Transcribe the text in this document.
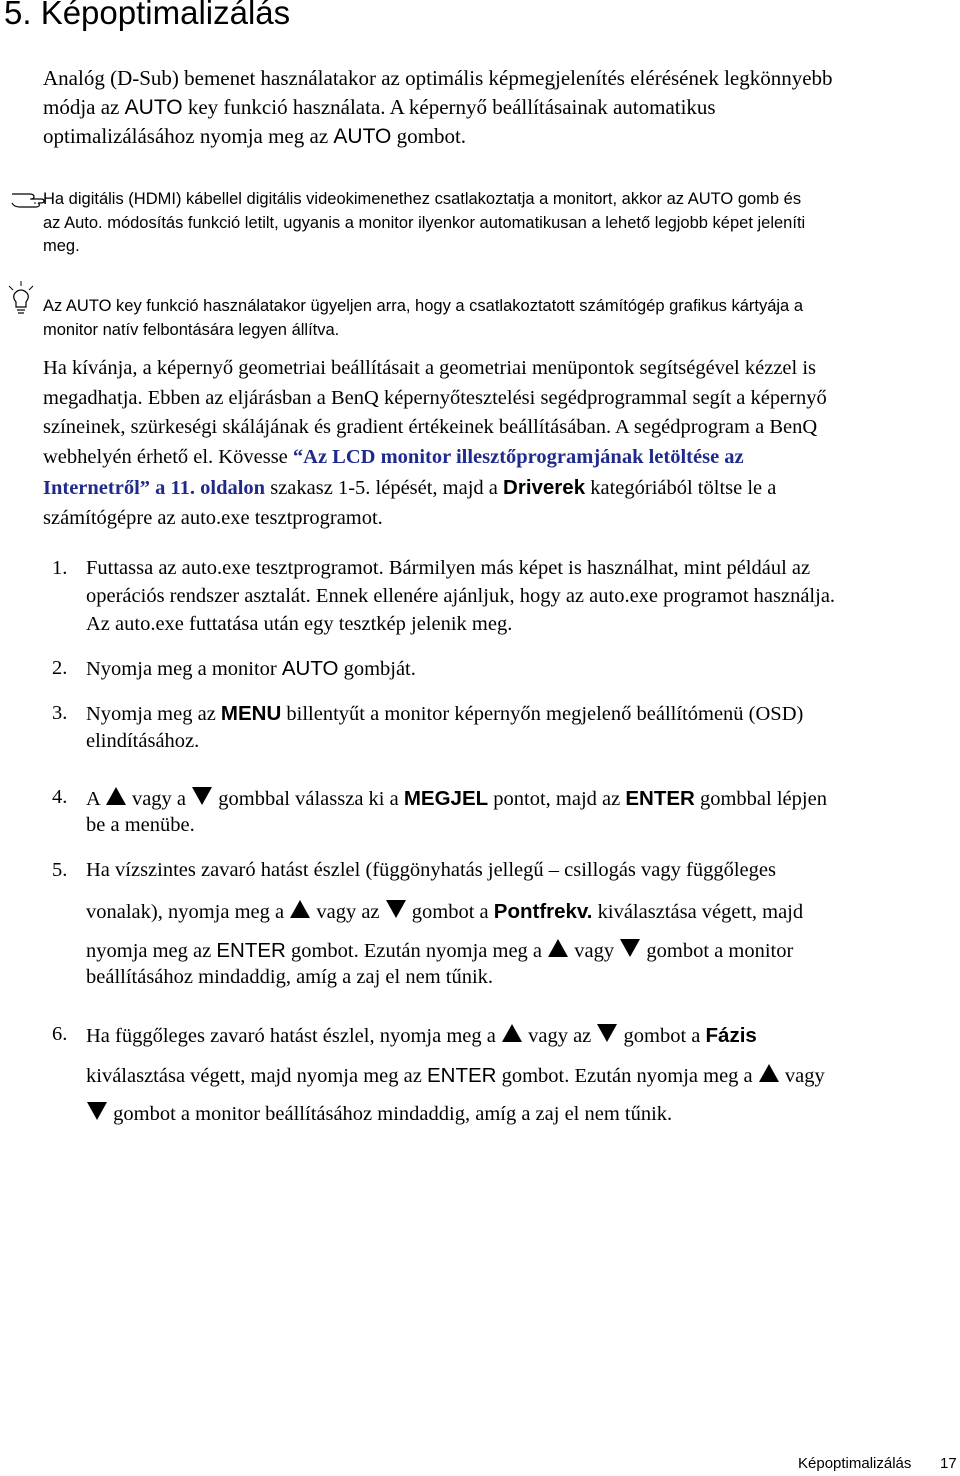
5. Képoptimalizálás
Analóg (D-Sub) bemenet használatakor az optimális képmegjelenítés elérésének legkönnyebb
módja az AUTO key funkció használata. A képernyő beállításainak automatikus
optimalizálásához nyomja meg az AUTO gombot.
Ha digitális (HDMI) kábellel digitális videokimenethez csatlakoztatja a monitort, akkor az AUTO gomb és
az Auto. módosítás funkció letilt, ugyanis a monitor ilyenkor automatikusan a lehető legjobb képet jeleníti
meg.
Az AUTO key funkció használatakor ügyeljen arra, hogy a csatlakoztatott számítógép grafikus kártyája a
monitor natív felbontására legyen állítva.
Ha kívánja, a képernyő geometriai beállításait a geometriai menüpontok segítségével kézzel is
megadhatja. Ebben az eljárásban a BenQ képernyőtesztelési segédprogrammal segít a képernyő
színeinek, szürkeségi skálájának és gradient értékeinek beállításában. A segédprogram a BenQ
webhelyén érhető el. Kövesse “Az LCD monitor illesztőprogramjának letöltése az
Internetről” a 11. oldalon szakasz 1-5. lépését, majd a Driverek kategóriából töltse le a
számítógépre az auto.exe tesztprogramot.
1. Futtassa az auto.exe tesztprogramot. Bármilyen más képet is használhat, mint például az
operációs rendszer asztalát. Ennek ellenére ajánljuk, hogy az auto.exe programot használja.
Az auto.exe futtatása után egy tesztkép jelenik meg.
2. Nyomja meg a monitor AUTO gombját.
3. Nyomja meg az MENU billentyűt a monitor képernyőn megjelenő beállítómenü (OSD)
elindításához.
4. A vagy a gombbal válassza ki a MEGJEL pontot, majd az ENTER gombbal lépjen
be a menübe.
5. Ha vízszintes zavaró hatást észlel (függönyhatás jellegű – csillogás vagy függőleges
vonalak), nyomja meg a vagy az gombot a Pontfrekv. kiválasztása végett, majd
nyomja meg az ENTER gombot. Ezután nyomja meg a vagy gombot a monitor
beállításához mindaddig, amíg a zaj el nem tűnik.
6. Ha függőleges zavaró hatást észlel, nyomja meg a vagy az gombot a Fázis
kiválasztása végett, majd nyomja meg az ENTER gombot. Ezután nyomja meg a vagy
gombot a monitor beállításához mindaddig, amíg a zaj el nem tűnik.
Képoptimalizálás 17
